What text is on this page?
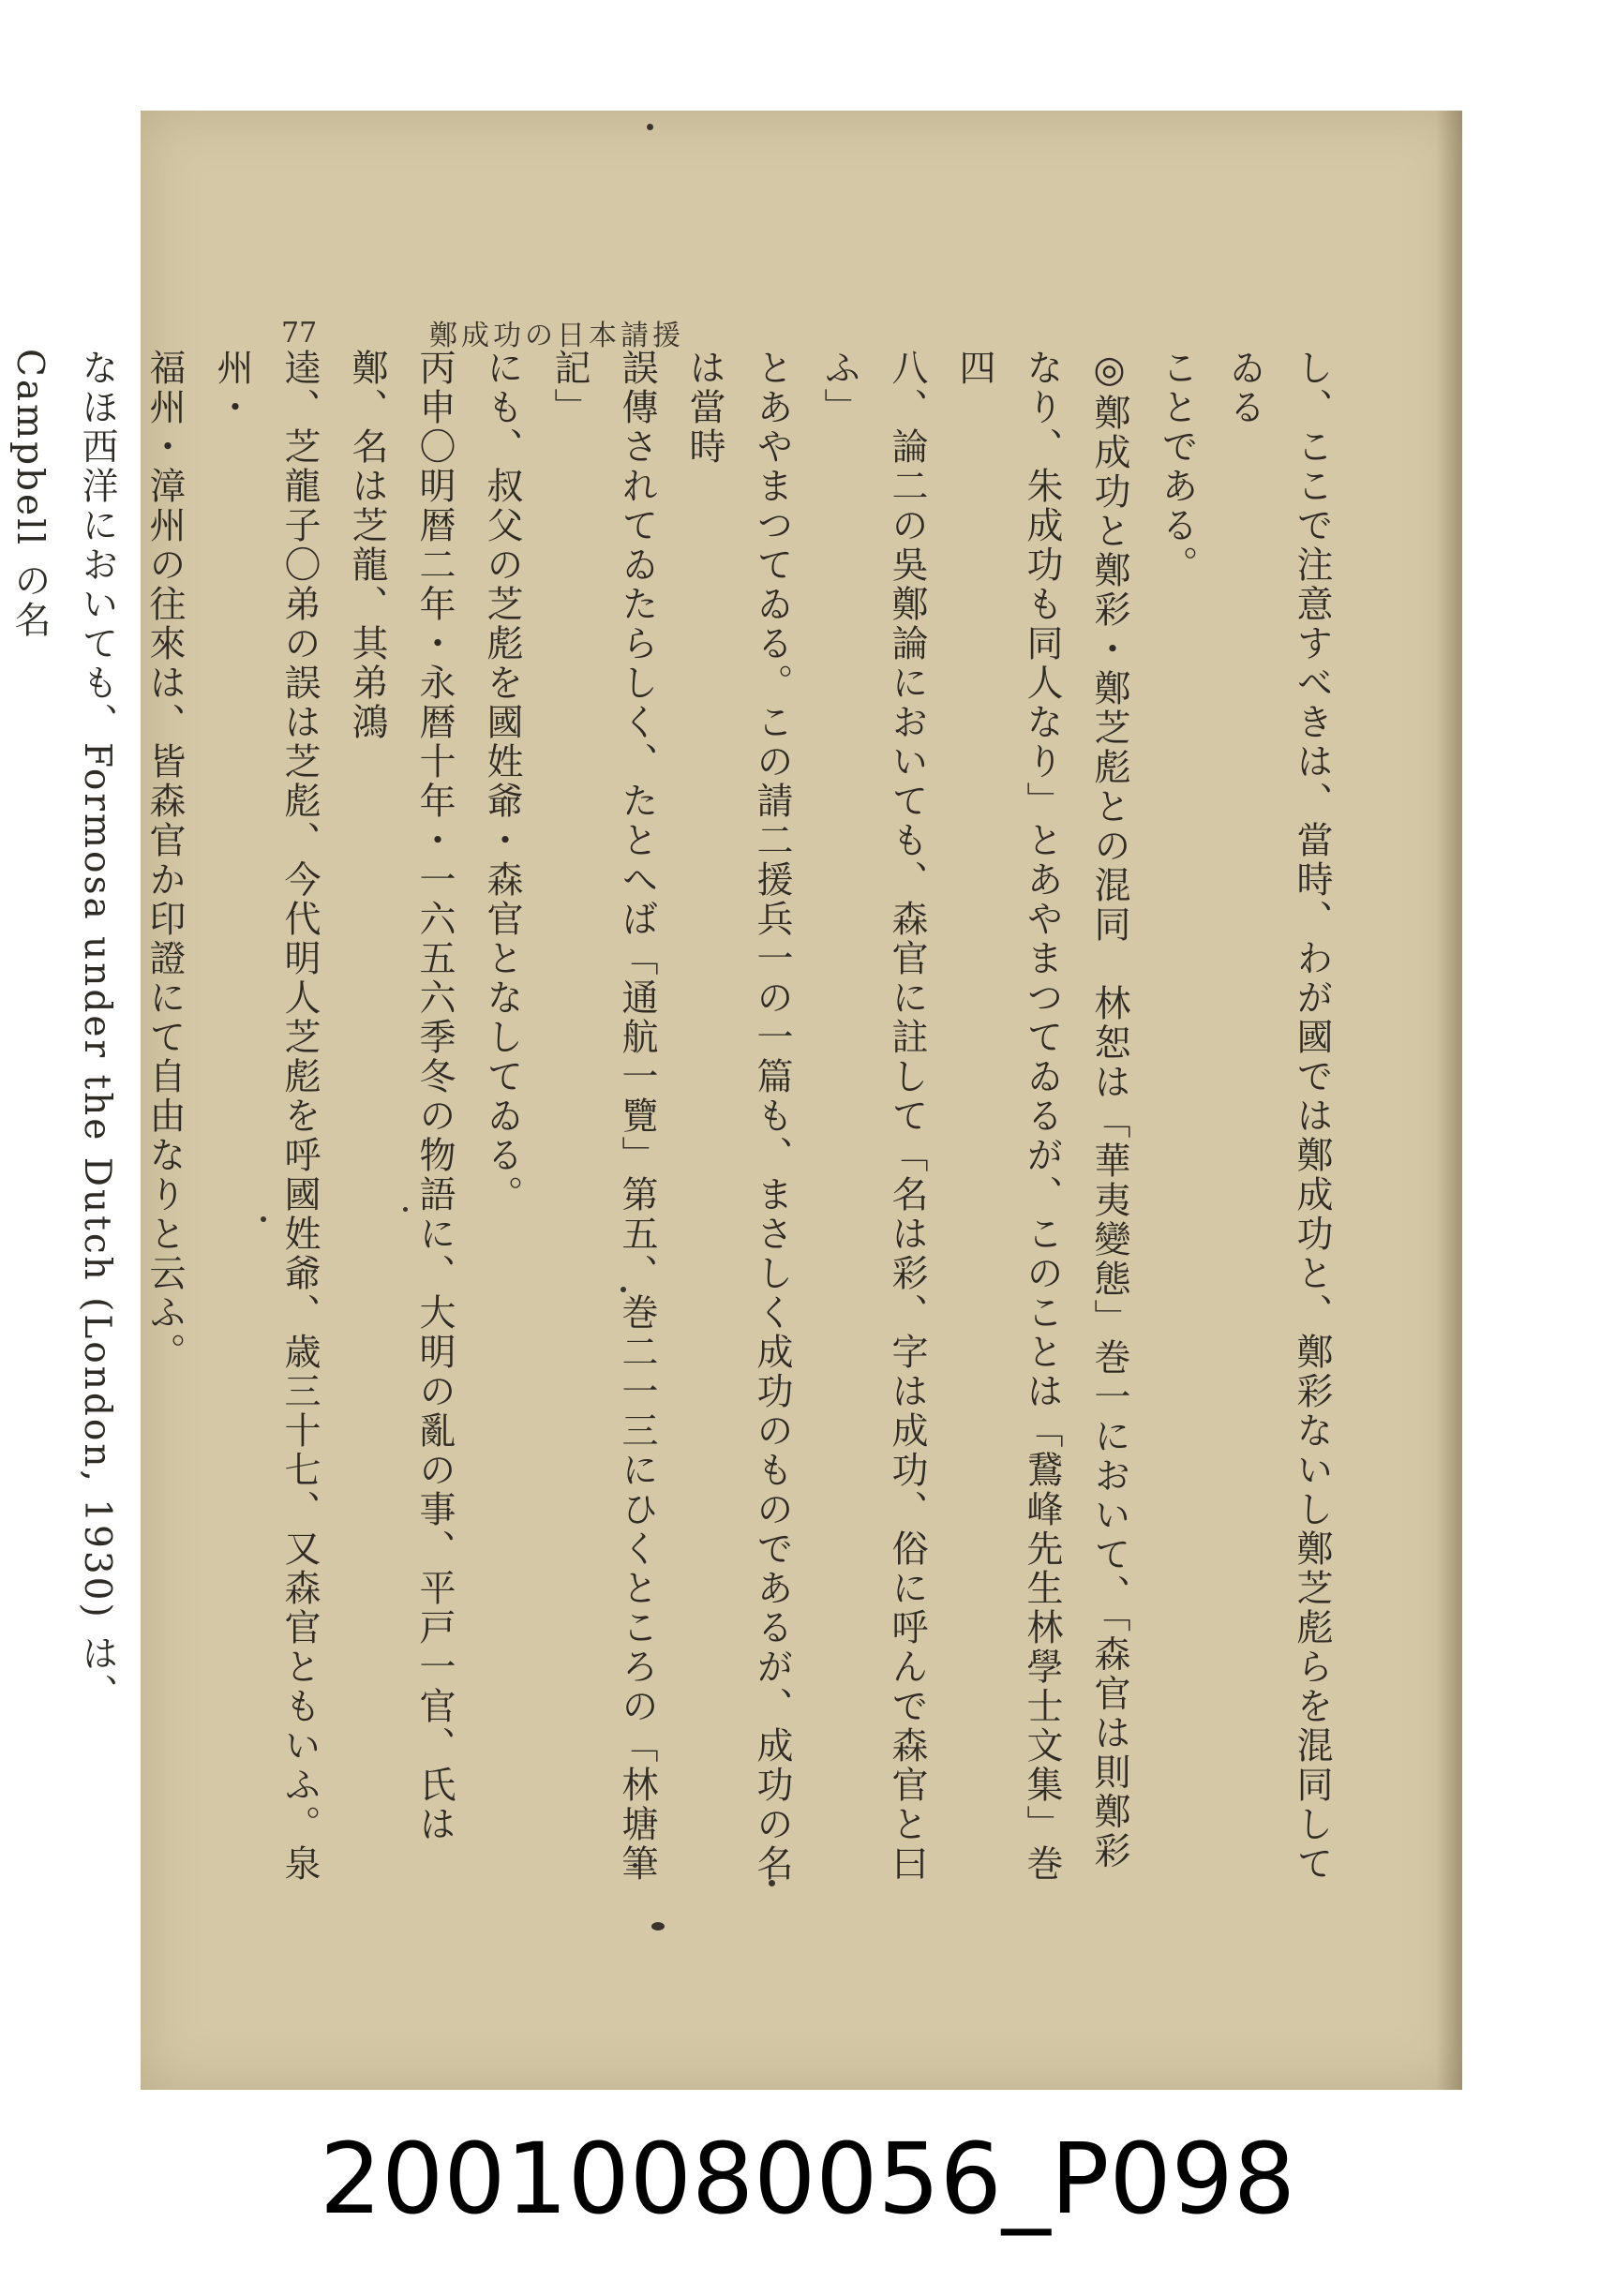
77	鄭成功の日本請援

し、ここで注意すべきは、當時、わが國では鄭成功と、鄭彩ないし鄭芝彪らを混同してゐる

ことである。

◎鄭成功と鄭彩・鄭芝彪との混同　林恕は「華夷變態」巻一において、「森官は則鄭彩

なり、朱成功も同人なり」とあやまつてゐるが、このことは「鵞峰先生林學士文集」巻四

八、論二の吳鄭論においても、森官に註して「名は彩、字は成功、俗に呼んで森官と曰ふ」

とあやまつてゐる。この請二援兵一の一篇も、まさしく成功のものであるが、成功の名は當時

誤傳されてゐたらしく、たとへば「通航一覽」第五、巻二一三にひくところの「林塘筆記」

にも、叔父の芝彪を國姓爺・森官となしてゐる。

丙申〇明暦二年・永暦十年・一六五六季冬の物語に、大明の亂の事、平戸一官、氏は鄭、名は芝龍、其弟鴻

逵、芝龍子〇弟の誤は芝彪、今代明人芝彪を呼國姓爺、歳三十七、又森官ともいふ。泉州・

福州・漳州の往來は、皆森官か印證にて自由なりと云ふ。

なほ西洋においても、Formosa under the Dutch (London, 1930) は、Campbell の名

20010080056_P098
